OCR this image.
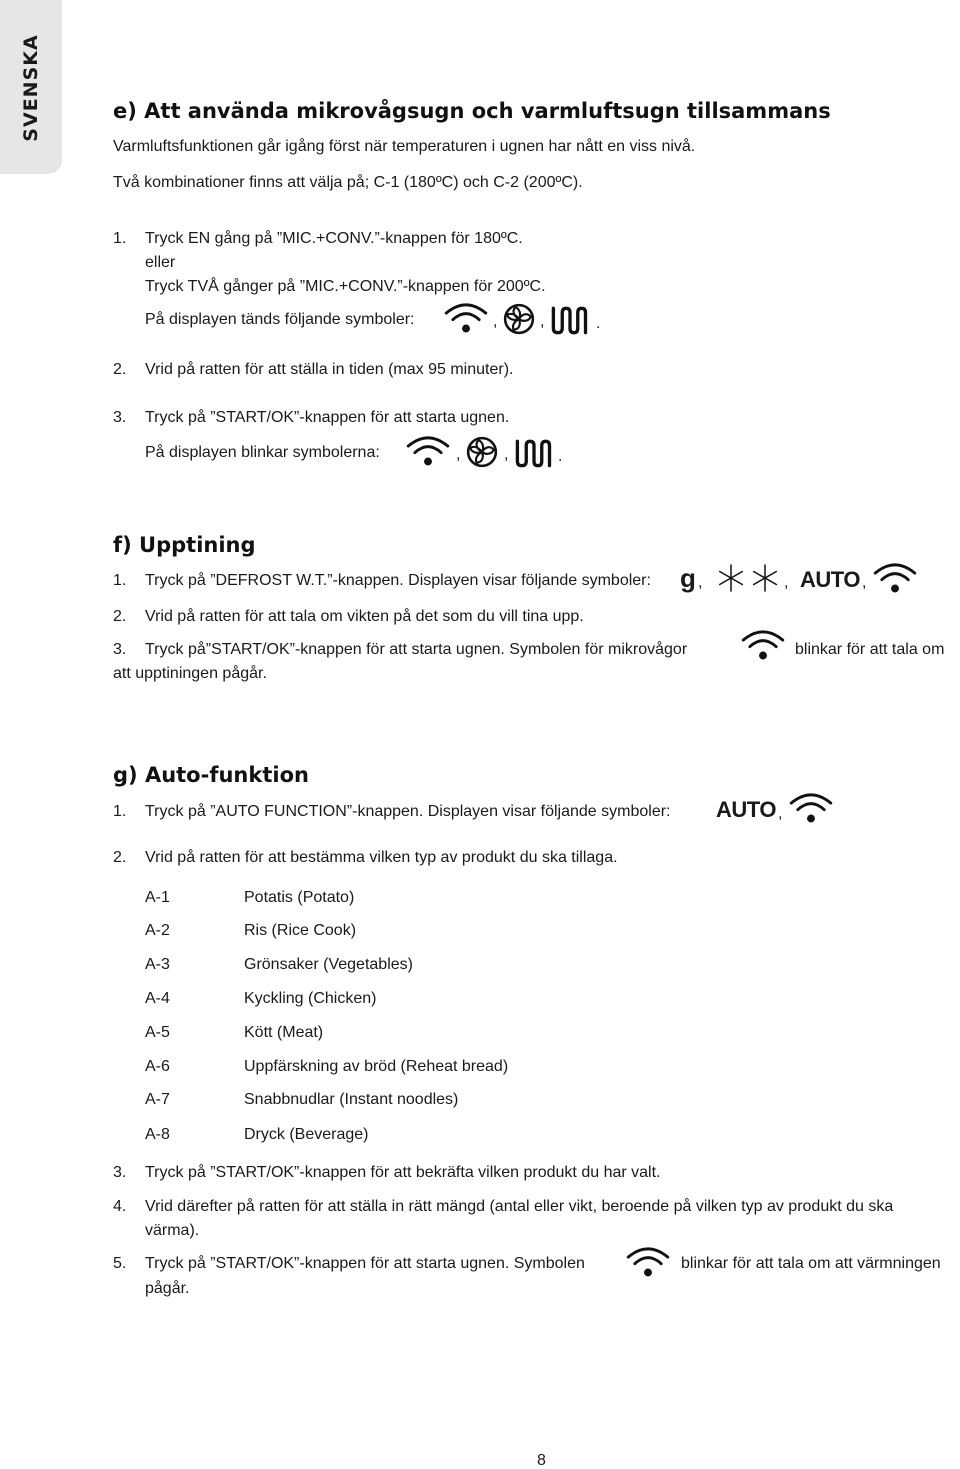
SVENSKA	e) Att använda mikrovågsugn och varmluftsugn tillsammans
Varmluftsfunktionen går igång först när temperaturen i ugnen har nått en viss nivå.
Två kombinationer finns att välja på; C-1 (180ºC) och C-2 (200ºC).
1. Tryck EN gång på ”MIC.+CONV.”-knappen för 180ºC.
eller
Tryck TVÅ gånger på ”MIC.+CONV.”-knappen för 200ºC.
På displayen tänds följande symboler:	,	,	.
2. Vrid på ratten för att ställa in tiden (max 95 minuter).
3. Tryck på ”START/OK”-knappen för att starta ugnen.
På displayen blinkar symbolerna:	,	,	.
f) Upptining
1. Tryck på ”DEFROST W.T.”-knappen. Displayen visar följande symboler: g ,	, AUTO ,
2. Vrid på ratten för att tala om vikten på det som du vill tina upp.
3. Tryck på”START/OK”-knappen för att starta ugnen. Symbolen för mikrovågor	blinkar för att tala om
att upptiningen pågår.
g) Auto-funktion
1. Tryck på ”AUTO FUNCTION”-knappen. Displayen visar följande symboler: AUTO ,
2. Vrid på ratten för att bestämma vilken typ av produkt du ska tillaga.
A-1	Potatis (Potato)
A-2	Ris (Rice Cook)
A-3	Grönsaker (Vegetables)
A-4	Kyckling (Chicken)
A-5	Kött (Meat)
A-6	Uppfärskning av bröd (Reheat bread)
A-7	Snabbnudlar (Instant noodles)
A-8	Dryck (Beverage)
3. Tryck på ”START/OK”-knappen för att bekräfta vilken produkt du har valt.
4. Vrid därefter på ratten för att ställa in rätt mängd (antal eller vikt, beroende på vilken typ av produkt du ska
värma).
5. Tryck på ”START/OK”-knappen för att starta ugnen. Symbolen	blinkar för att tala om att värmningen
pågår.
8
